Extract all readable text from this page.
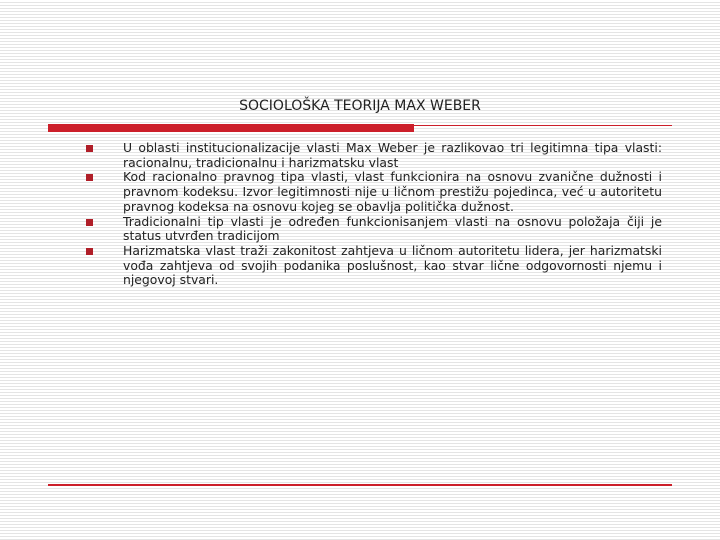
SOCIOLOŠKA TEORIJA MAX WEBER
U oblasti institucionalizacije vlasti Max Weber je razlikovao tri legitimna tipa vlasti: racionalnu, tradicionalnu i harizmatsku vlast
Kod racionalno pravnog tipa vlasti, vlast funkcionira na osnovu zvanične dužnosti i pravnom kodeksu. Izvor legitimnosti nije u ličnom prestižu pojedinca, već u autoritetu pravnog kodeksa na osnovu kojeg se obavlja politička dužnost.
Tradicionalni tip vlasti je određen funkcionisanjem vlasti na osnovu položaja čiji je status utvrđen tradicijom
Harizmatska vlast traži zakonitost zahtjeva u ličnom autoritetu lidera, jer harizmatski vođa zahtjeva od svojih podanika poslušnost, kao stvar lične odgovornosti njemu i njegovoj stvari.
